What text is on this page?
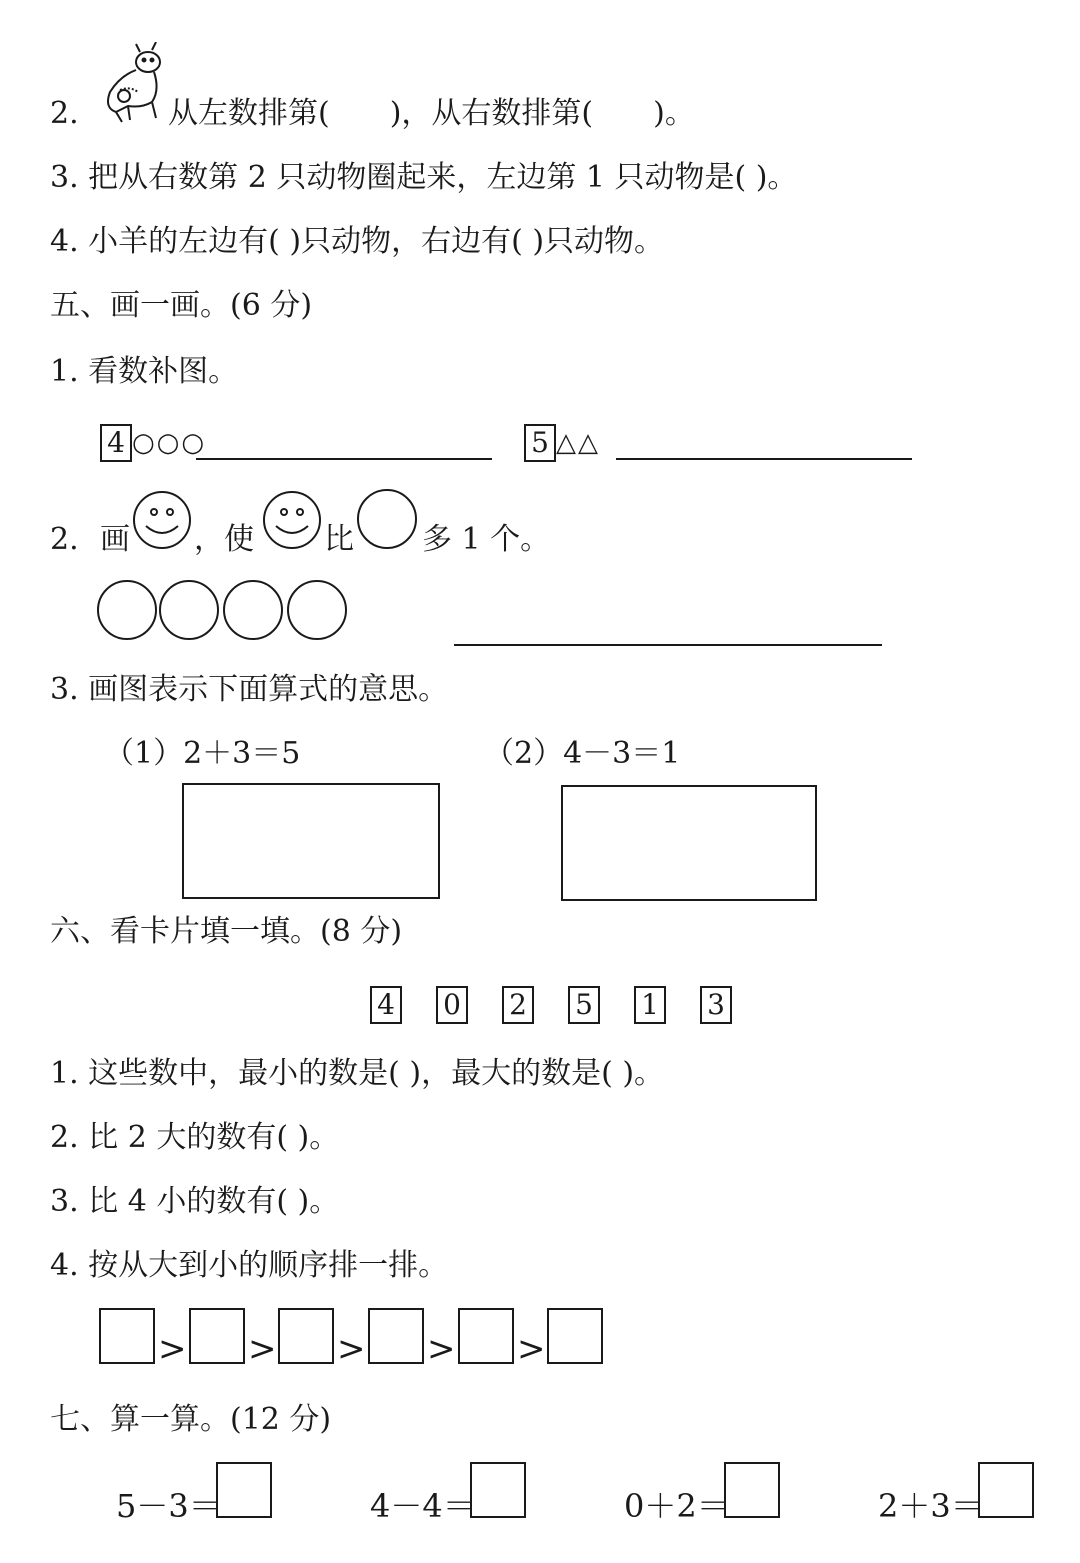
2.	从左数排第( )，从右数排第( )。
3. 把从右数第 2 只动物圈起来，左边第 1 只动物是( )。
4. 小羊的左边有( )只动物，右边有( )只动物。
五、画一画。(6 分)
1. 看数补图。
4 ○○○	5 △△
2. 画 ，使 比 多 1 个。
3. 画图表示下面算式的意思。
（1）2＋3＝5	（2）4－3＝1
六、看卡片填一填。(8 分)
4 0 2 5 1 3
1. 这些数中，最小的数是( )，最大的数是( )。
2. 比 2 大的数有( )。
3. 比 4 小的数有( )。
4. 按从大到小的顺序排一排。
> > > > >
七、算一算。(12 分)
5－3＝	4－4＝	0＋2＝	2＋3＝
